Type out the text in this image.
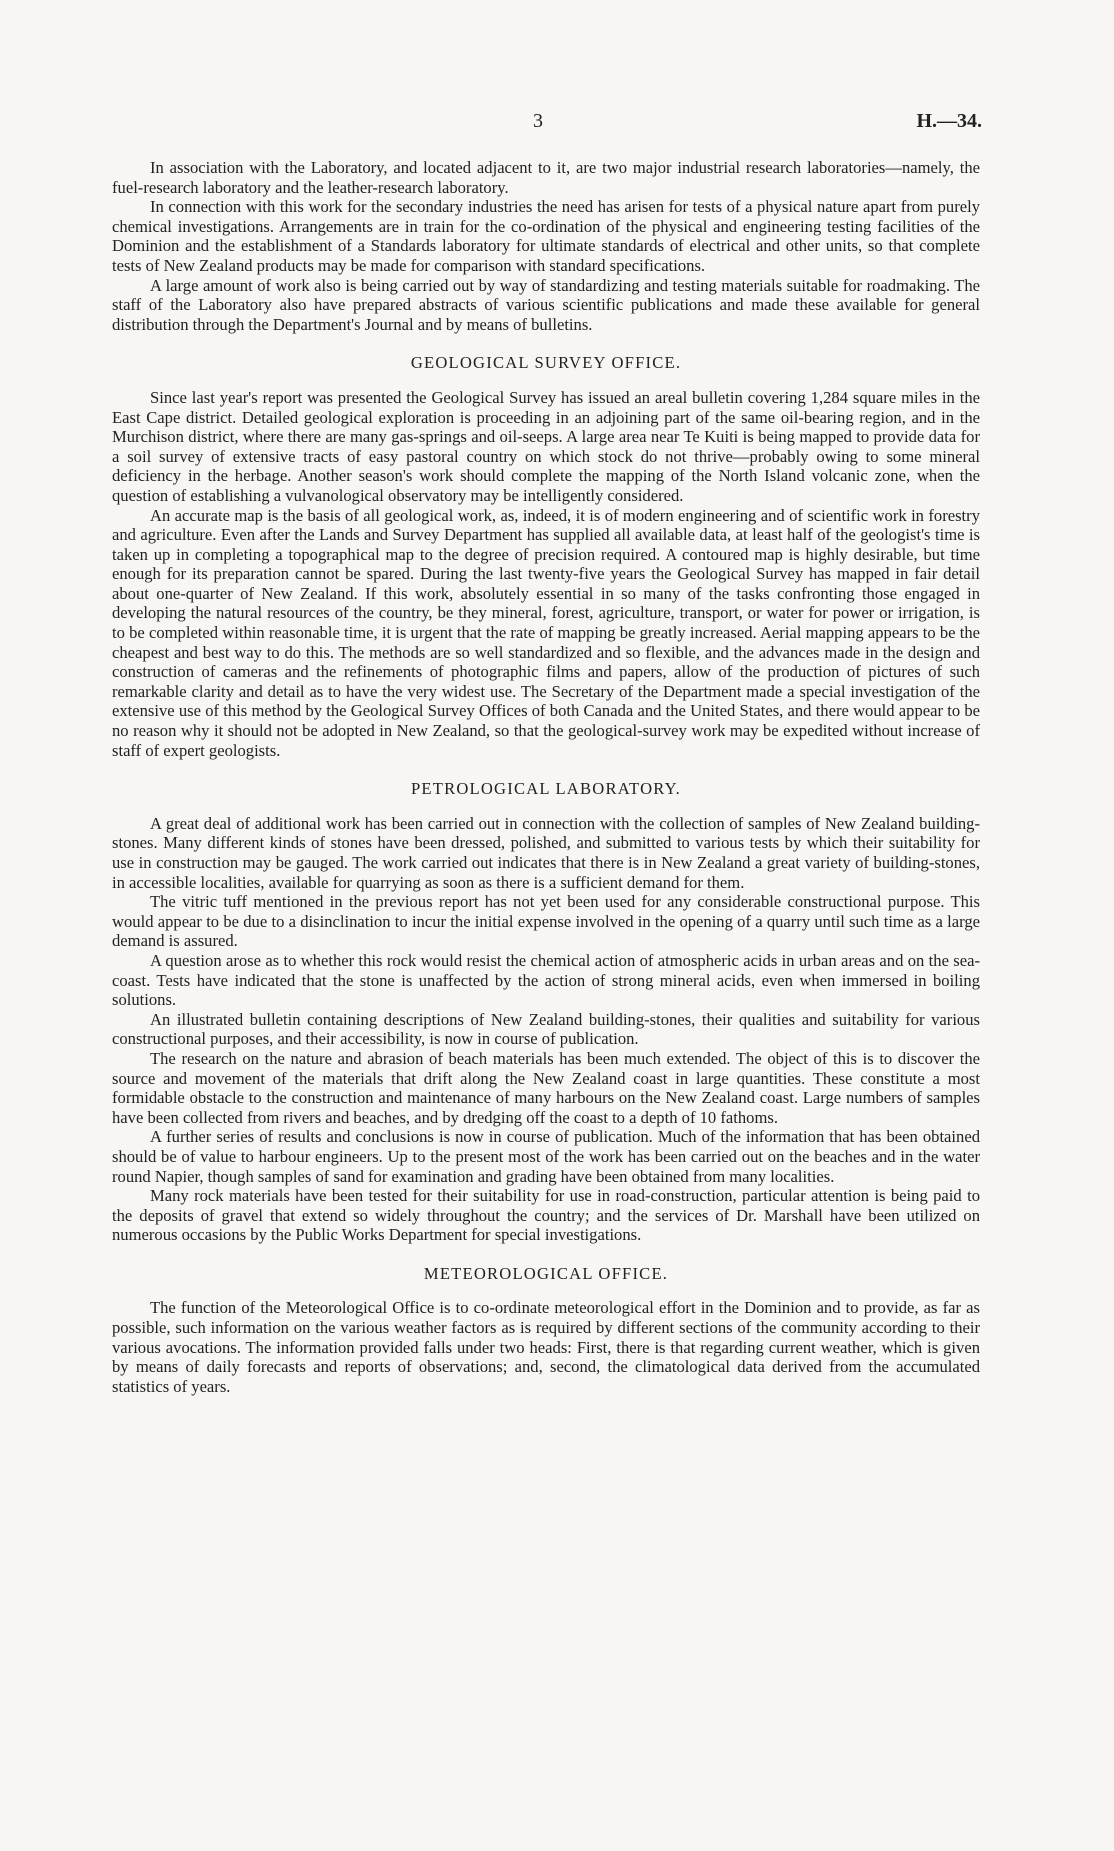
3	H.—34.

In association with the Laboratory, and located adjacent to it, are two major industrial research laboratories—namely, the fuel-research laboratory and the leather-research laboratory.

In connection with this work for the secondary industries the need has arisen for tests of a physical nature apart from purely chemical investigations. Arrangements are in train for the co-ordination of the physical and engineering testing facilities of the Dominion and the establishment of a Standards laboratory for ultimate standards of electrical and other units, so that complete tests of New Zealand products may be made for comparison with standard specifications.

A large amount of work also is being carried out by way of standardizing and testing materials suitable for roadmaking. The staff of the Laboratory also have prepared abstracts of various scientific publications and made these available for general distribution through the Department's Journal and by means of bulletins.

GEOLOGICAL SURVEY OFFICE.

Since last year's report was presented the Geological Survey has issued an areal bulletin covering 1,284 square miles in the East Cape district. Detailed geological exploration is proceeding in an adjoining part of the same oil-bearing region, and in the Murchison district, where there are many gas-springs and oil-seeps. A large area near Te Kuiti is being mapped to provide data for a soil survey of extensive tracts of easy pastoral country on which stock do not thrive—probably owing to some mineral deficiency in the herbage. Another season's work should complete the mapping of the North Island volcanic zone, when the question of establishing a vulvanological observatory may be intelligently considered.

An accurate map is the basis of all geological work, as, indeed, it is of modern engineering and of scientific work in forestry and agriculture. Even after the Lands and Survey Department has supplied all available data, at least half of the geologist's time is taken up in completing a topographical map to the degree of precision required. A contoured map is highly desirable, but time enough for its preparation cannot be spared. During the last twenty-five years the Geological Survey has mapped in fair detail about one-quarter of New Zealand. If this work, absolutely essential in so many of the tasks confronting those engaged in developing the natural resources of the country, be they mineral, forest, agriculture, transport, or water for power or irrigation, is to be completed within reasonable time, it is urgent that the rate of mapping be greatly increased. Aerial mapping appears to be the cheapest and best way to do this. The methods are so well standardized and so flexible, and the advances made in the design and construction of cameras and the refinements of photographic films and papers, allow of the production of pictures of such remarkable clarity and detail as to have the very widest use. The Secretary of the Department made a special investigation of the extensive use of this method by the Geological Survey Offices of both Canada and the United States, and there would appear to be no reason why it should not be adopted in New Zealand, so that the geological-survey work may be expedited without increase of staff of expert geologists.

PETROLOGICAL LABORATORY.

A great deal of additional work has been carried out in connection with the collection of samples of New Zealand building-stones. Many different kinds of stones have been dressed, polished, and submitted to various tests by which their suitability for use in construction may be gauged. The work carried out indicates that there is in New Zealand a great variety of building-stones, in accessible localities, available for quarrying as soon as there is a sufficient demand for them.

The vitric tuff mentioned in the previous report has not yet been used for any considerable constructional purpose. This would appear to be due to a disinclination to incur the initial expense involved in the opening of a quarry until such time as a large demand is assured.

A question arose as to whether this rock would resist the chemical action of atmospheric acids in urban areas and on the sea-coast. Tests have indicated that the stone is unaffected by the action of strong mineral acids, even when immersed in boiling solutions.

An illustrated bulletin containing descriptions of New Zealand building-stones, their qualities and suitability for various constructional purposes, and their accessibility, is now in course of publication.

The research on the nature and abrasion of beach materials has been much extended. The object of this is to discover the source and movement of the materials that drift along the New Zealand coast in large quantities. These constitute a most formidable obstacle to the construction and maintenance of many harbours on the New Zealand coast. Large numbers of samples have been collected from rivers and beaches, and by dredging off the coast to a depth of 10 fathoms.

A further series of results and conclusions is now in course of publication. Much of the information that has been obtained should be of value to harbour engineers. Up to the present most of the work has been carried out on the beaches and in the water round Napier, though samples of sand for examination and grading have been obtained from many localities.

Many rock materials have been tested for their suitability for use in road-construction, particular attention is being paid to the deposits of gravel that extend so widely throughout the country; and the services of Dr. Marshall have been utilized on numerous occasions by the Public Works Department for special investigations.

METEOROLOGICAL OFFICE.

The function of the Meteorological Office is to co-ordinate meteorological effort in the Dominion and to provide, as far as possible, such information on the various weather factors as is required by different sections of the community according to their various avocations. The information provided falls under two heads: First, there is that regarding current weather, which is given by means of daily forecasts and reports of observations; and, second, the climatological data derived from the accumulated statistics of years.
